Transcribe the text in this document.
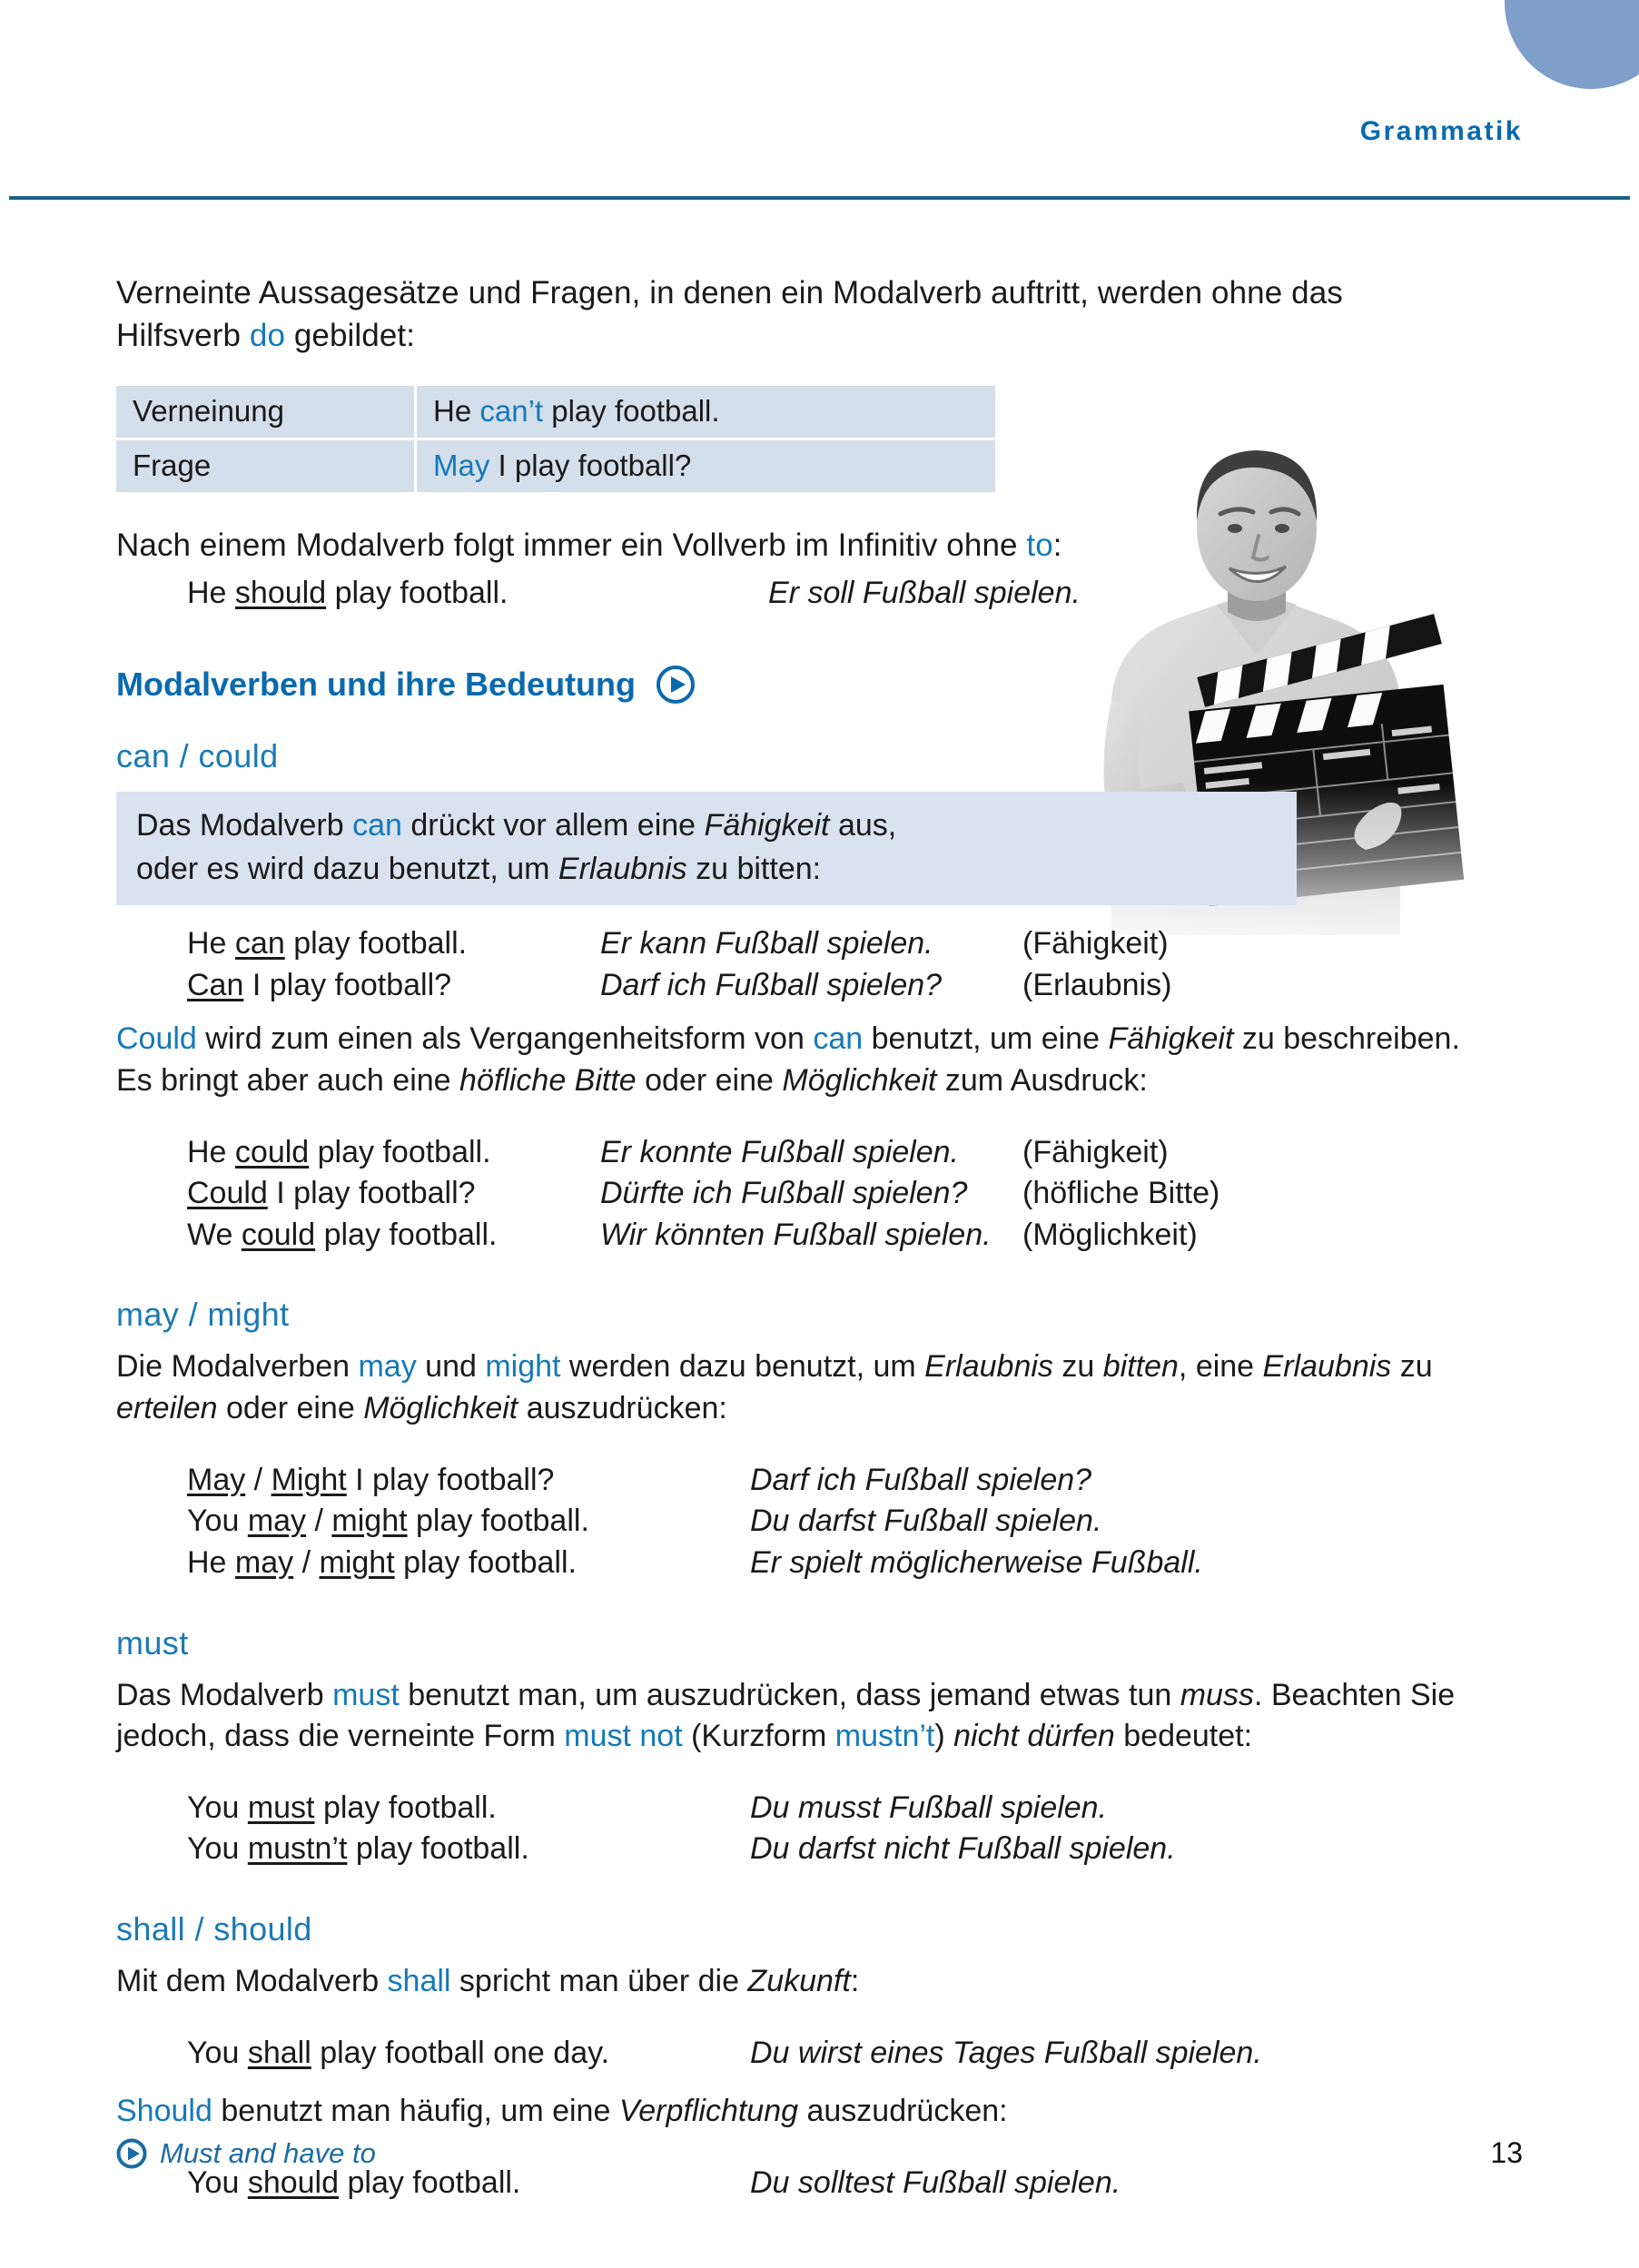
Grammatik

Verneinte Aussagesätze und Fragen, in denen ein Modalverb auftritt, werden ohne das
Hilfsverb do gebildet:

Verneinung	He can’t play football.
Frage	May I play football?

Nach einem Modalverb folgt immer ein Vollverb im Infinitiv ohne to:

He should play football.	Er soll Fußball spielen.
Modalverben und ihre Bedeutung
can / could
Das Modalverb can drückt vor allem eine Fähigkeit aus,
oder es wird dazu benutzt, um Erlaubnis zu bitten:
He can play football.	Er kann Fußball spielen.	(Fähigkeit)
Can I play football?	Darf ich Fußball spielen?	(Erlaubnis)

Could wird zum einen als Vergangenheitsform von can benutzt, um eine Fähigkeit zu beschreiben. Es bringt aber auch eine höfliche Bitte oder eine Möglichkeit zum Ausdruck:

He could play football.	Er konnte Fußball spielen.	(Fähigkeit)
Could I play football?	Dürfte ich Fußball spielen?	(höfliche Bitte)
We could play football.	Wir könnten Fußball spielen.	(Möglichkeit)
may / might

Die Modalverben may und might werden dazu benutzt, um Erlaubnis zu bitten, eine Erlaubnis zu erteilen oder eine Möglichkeit auszudrücken:

May / Might I play football?	Darf ich Fußball spielen?
You may / might play football.	Du darfst Fußball spielen.
He may / might play football.	Er spielt möglicherweise Fußball.
must

Das Modalverb must benutzt man, um auszudrücken, dass jemand etwas tun muss. Beachten Sie jedoch, dass die verneinte Form must not (Kurzform mustn’t) nicht dürfen bedeutet:

You must play football.	Du musst Fußball spielen.
You mustn’t play football.	Du darfst nicht Fußball spielen.
shall / should

Mit dem Modalverb shall spricht man über die Zukunft:

You shall play football one day.	Du wirst eines Tages Fußball spielen.

Should benutzt man häufig, um eine Verpflichtung auszudrücken:

You should play football.	Du solltest Fußball spielen.
Must and have to	13
